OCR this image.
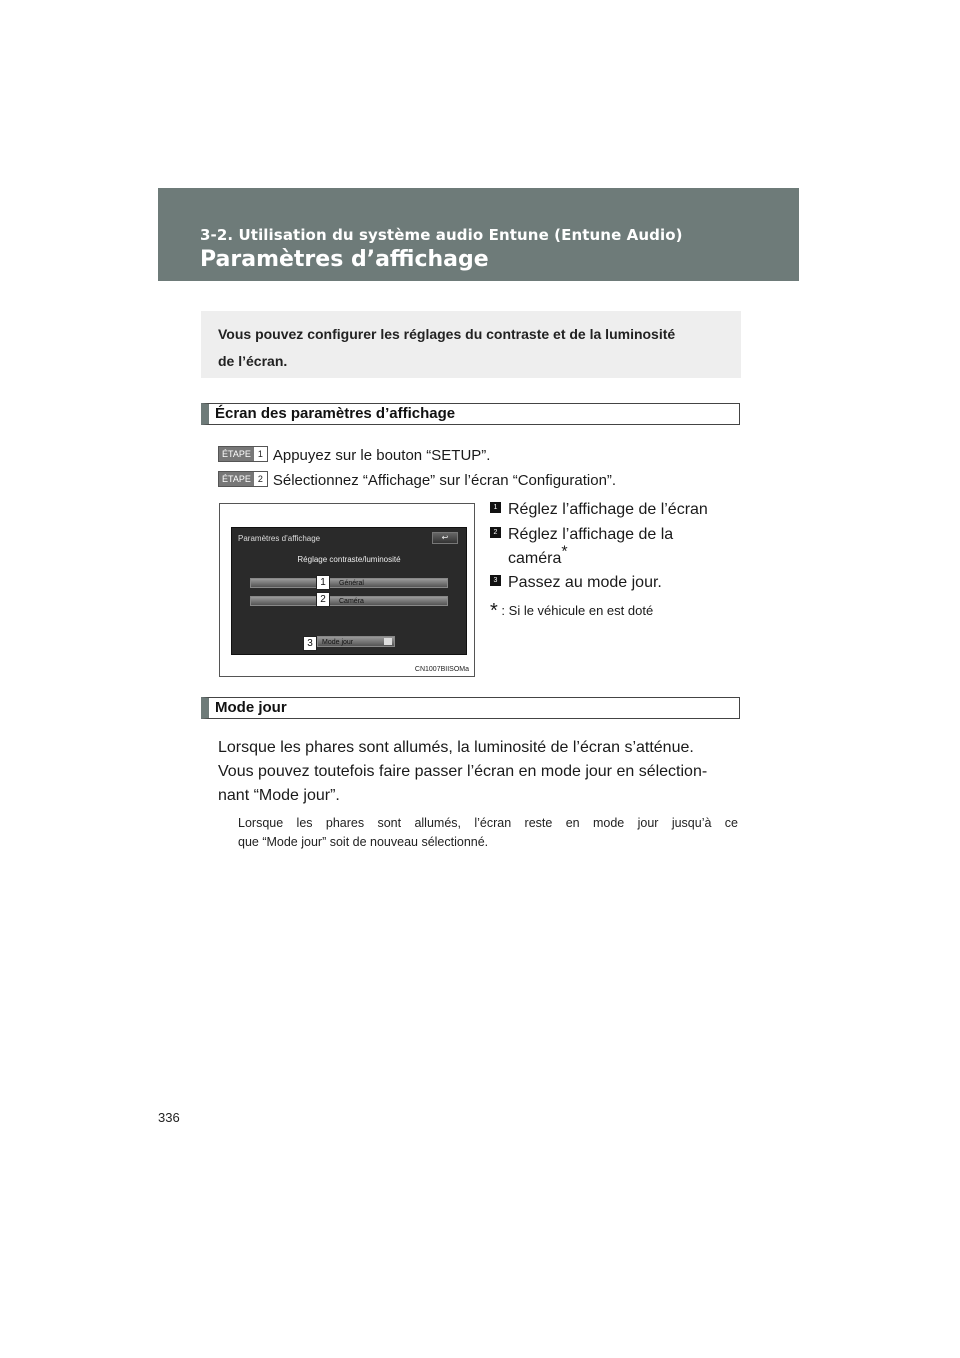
3-2. Utilisation du système audio Entune (Entune Audio)
Paramètres d’affichage
Vous pouvez configurer les réglages du contraste et de la luminosité
de l’écran.
Écran des paramètres d’affichage
ÉTAPE 1 Appuyez sur le bouton “SETUP”.
ÉTAPE 2 Sélectionnez “Affichage” sur l’écran “Configuration”.
Paramètres d’affichage	↩
Réglage contraste/luminosité
Général
Caméra
Mode jour
1
2
3
CN1007BIISOMa
1 Réglez l’affichage de l’écran
2 Réglez l’affichage de la
caméra*
3 Passez au mode jour.
* : Si le véhicule en est doté
Mode jour
Lorsque les phares sont allumés, la luminosité de l’écran s’atténue.
Vous pouvez toutefois faire passer l’écran en mode jour en sélection-
nant “Mode jour”.
Lorsque les phares sont allumés, l’écran reste en mode jour jusqu’à ce
que “Mode jour” soit de nouveau sélectionné.
336
